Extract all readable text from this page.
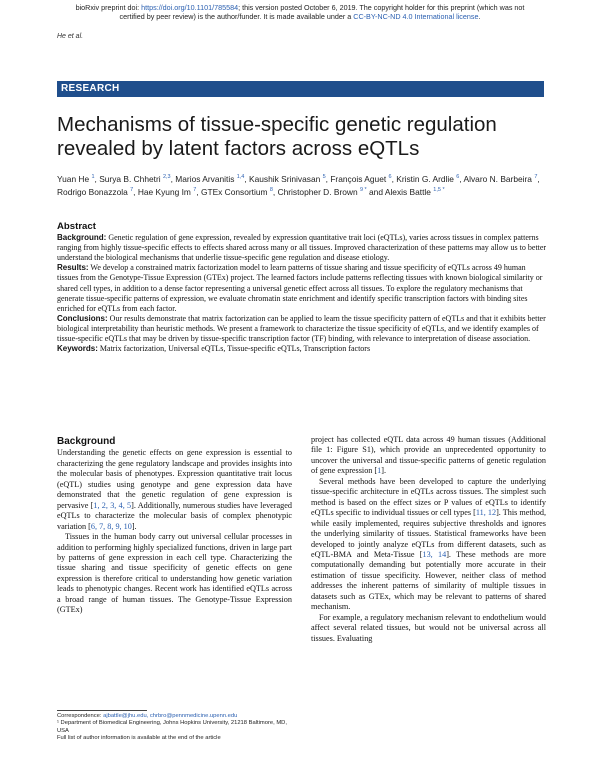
bioRxiv preprint doi: https://doi.org/10.1101/785584; this version posted October 6, 2019. The copyright holder for this preprint (which was not
certified by peer review) is the author/funder. It is made available under a CC-BY-NC-ND 4.0 International license.
He et al.
RESEARCH
Mechanisms of tissue-specific genetic regulation revealed by latent factors across eQTLs
Yuan He $^1$, Surya B. Chhetri $^{2,3}$, Marios Arvanitis $^{1,4}$, Kaushik Srinivasan $^5$, François Aguet $^6$, Kristin G. Ardlie $^6$, Alvaro N. Barbeira $^7$, Rodrigo Bonazzola $^7$, Hae Kyung Im $^7$, GTEx Consortium $^8$, Christopher D. Brown $^{9 *}$ and Alexis Battle $^{1,5 *}$
Abstract

Background: Genetic regulation of gene expression, revealed by expression quantitative trait loci (eQTLs), varies across tissues in complex patterns ranging from highly tissue-specific effects to effects shared across many or all tissues. Improved characterization of these patterns may allow us to better understand the biological mechanisms that underlie tissue-specific gene regulation and disease etiology.

Results: We develop a constrained matrix factorization model to learn patterns of tissue sharing and tissue specificity of eQTLs across 49 human tissues from the Genotype-Tissue Expression (GTEx) project. The learned factors include patterns reflecting tissues with known biological similarity or shared cell types, in addition to a dense factor representing a universal genetic effect across all tissues. To explore the regulatory mechanisms that generate tissue-specific patterns of expression, we evaluate chromatin state enrichment and identify specific transcription factors with binding sites enriched for eQTLs from each factor.

Conclusions: Our results demonstrate that matrix factorization can be applied to learn the tissue specificity pattern of eQTLs and that it exhibits better biological interpretability than heuristic methods. We present a framework to characterize the tissue specificity of eQTLs, and we identify examples of tissue-specific eQTLs that may be driven by tissue-specific transcription factor (TF) binding, with relevance to interpretation of disease association.

Keywords: Matrix factorization, Universal eQTLs, Tissue-specific eQTLs, Transcription factors

Background

Understanding the genetic effects on gene expression is essential to characterizing the gene regulatory landscape and provides insights into the molecular basis of phenotypes. Expression quantitative trait locus (eQTL) studies using genotype and gene expression data have demonstrated that the genetic regulation of gene expression is pervasive [1, 2, 3, 4, 5]. Additionally, numerous studies have leveraged eQTLs to characterize the molecular basis of complex phenotypic variation [6, 7, 8, 9, 10].

Tissues in the human body carry out universal cellular processes in addition to performing highly specialized functions, driven in large part by patterns of gene expression in each cell type. Characterizing the tissue sharing and tissue specificity of genetic effects on gene expression is therefore critical to understanding how genetic variation leads to phenotypic changes. Recent work has identified eQTLs across a broad range of human tissues. The Genotype-Tissue Expression (GTEx)

project has collected eQTL data across 49 human tissues (Additional file 1: Figure S1), which provide an unprecedented opportunity to uncover the universal and tissue-specific patterns of genetic regulation of gene expression [1].

Several methods have been developed to capture the underlying tissue-specific architecture in eQTLs across tissues. The simplest such method is based on the effect sizes or P values of eQTLs to identify eQTLs specific to individual tissues or cell types [11, 12]. This method, while easily implemented, requires subjective thresholds and ignores the underlying similarity of tissues. Statistical frameworks have been developed to jointly analyze eQTLs from different datasets, such as eQTL-BMA and Meta-Tissue [13, 14]. These methods are more computationally demanding but potentially more accurate in their estimation of tissue specificity. However, neither class of method addresses the inherent patterns of similarity of multiple tissues in datasets such as GTEx, which may be relevant to patterns of shared mechanism.

For example, a regulatory mechanism relevant to endothelium would affect several related tissues, but would not be universal across all tissues. Evaluating

Correspondence: ajbattle@jhu.edu, chrbro@pennmedicine.upenn.edu

¹ Department of Biomedical Engineering, Johns Hopkins University, 21218 Baltimore, MD, USA

Full list of author information is available at the end of the article
